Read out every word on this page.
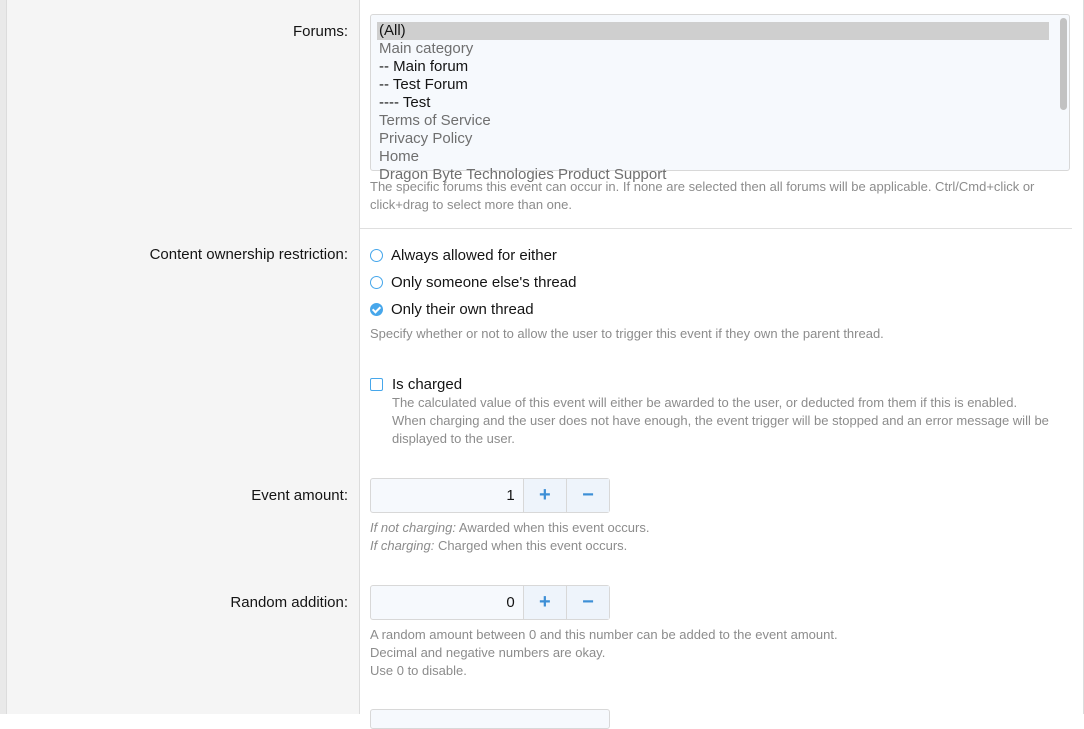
Forums: (All)
Main category
-- Main forum
-- Test Forum
---- Test
Terms of Service
Privacy Policy
Home
Dragon Byte Technologies Product Support
The specific forums this event can occur in. If none are selected then all forums will be applicable. Ctrl/Cmd+click or click+drag to select more than one.
Content ownership restriction:	Always allowed for either
Only someone else's thread
Only their own thread
Specify whether or not to allow the user to trigger this event if they own the parent thread.
Is charged
The calculated value of this event will either be awarded to the user, or deducted from them if this is enabled.
When charging and the user does not have enough, the event trigger will be stopped and an error message will be
displayed to the user.
Event amount:	1	+	−
If not charging: Awarded when this event occurs.
If charging: Charged when this event occurs.
Random addition:	0	+	−
A random amount between 0 and this number can be added to the event amount.
Decimal and negative numbers are okay.
Use 0 to disable.
